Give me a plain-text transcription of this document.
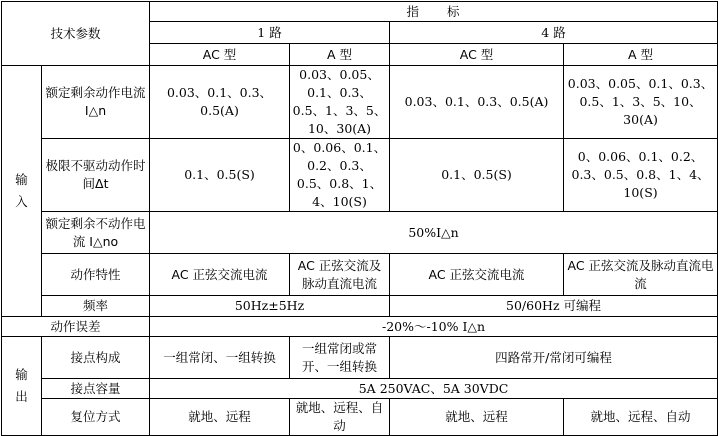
技术参数		指　　标			
		1 路		4 路	
		AC 型	A 型	AC 型	A 型

输
入	额定剩余动作电流 I△n	0.03、0.1、0.3、0.5(A)	0.03、0.05、0.1、0.3、0.5、1、3、5、10、30(A)	0.03、0.1、0.3、0.5(A)	0.03、0.05、0.1、0.3、0.5、1、3、5、10、30(A)
	极限不驱动动作时间Δt	0.1、0.5(S)	0、0.06、0.1、0.2、0.3、0.5、0.8、1、4、10(S)	0.1、0.5(S)	0、0.06、0.1、0.2、0.3、0.5、0.8、1、4、10(S)
	额定剩余不动作电流 I△no	50%I△n			
	动作特性	AC 正弦交流电流	AC 正弦交流及脉动直流电流	AC 正弦交流电流	AC 正弦交流及脉动直流电流
	频率	50Hz±5Hz		50/60Hz 可编程	
动作误差		-20%～-10% I△n			

输
出	接点构成	一组常闭、一组转换	一组常闭或常开、一组转换	四路常开/常闭可编程	
	接点容量	5A 250VAC、5A 30VDC			
	复位方式	就地、远程	就地、远程、自动	就地、远程	就地、远程、自动
